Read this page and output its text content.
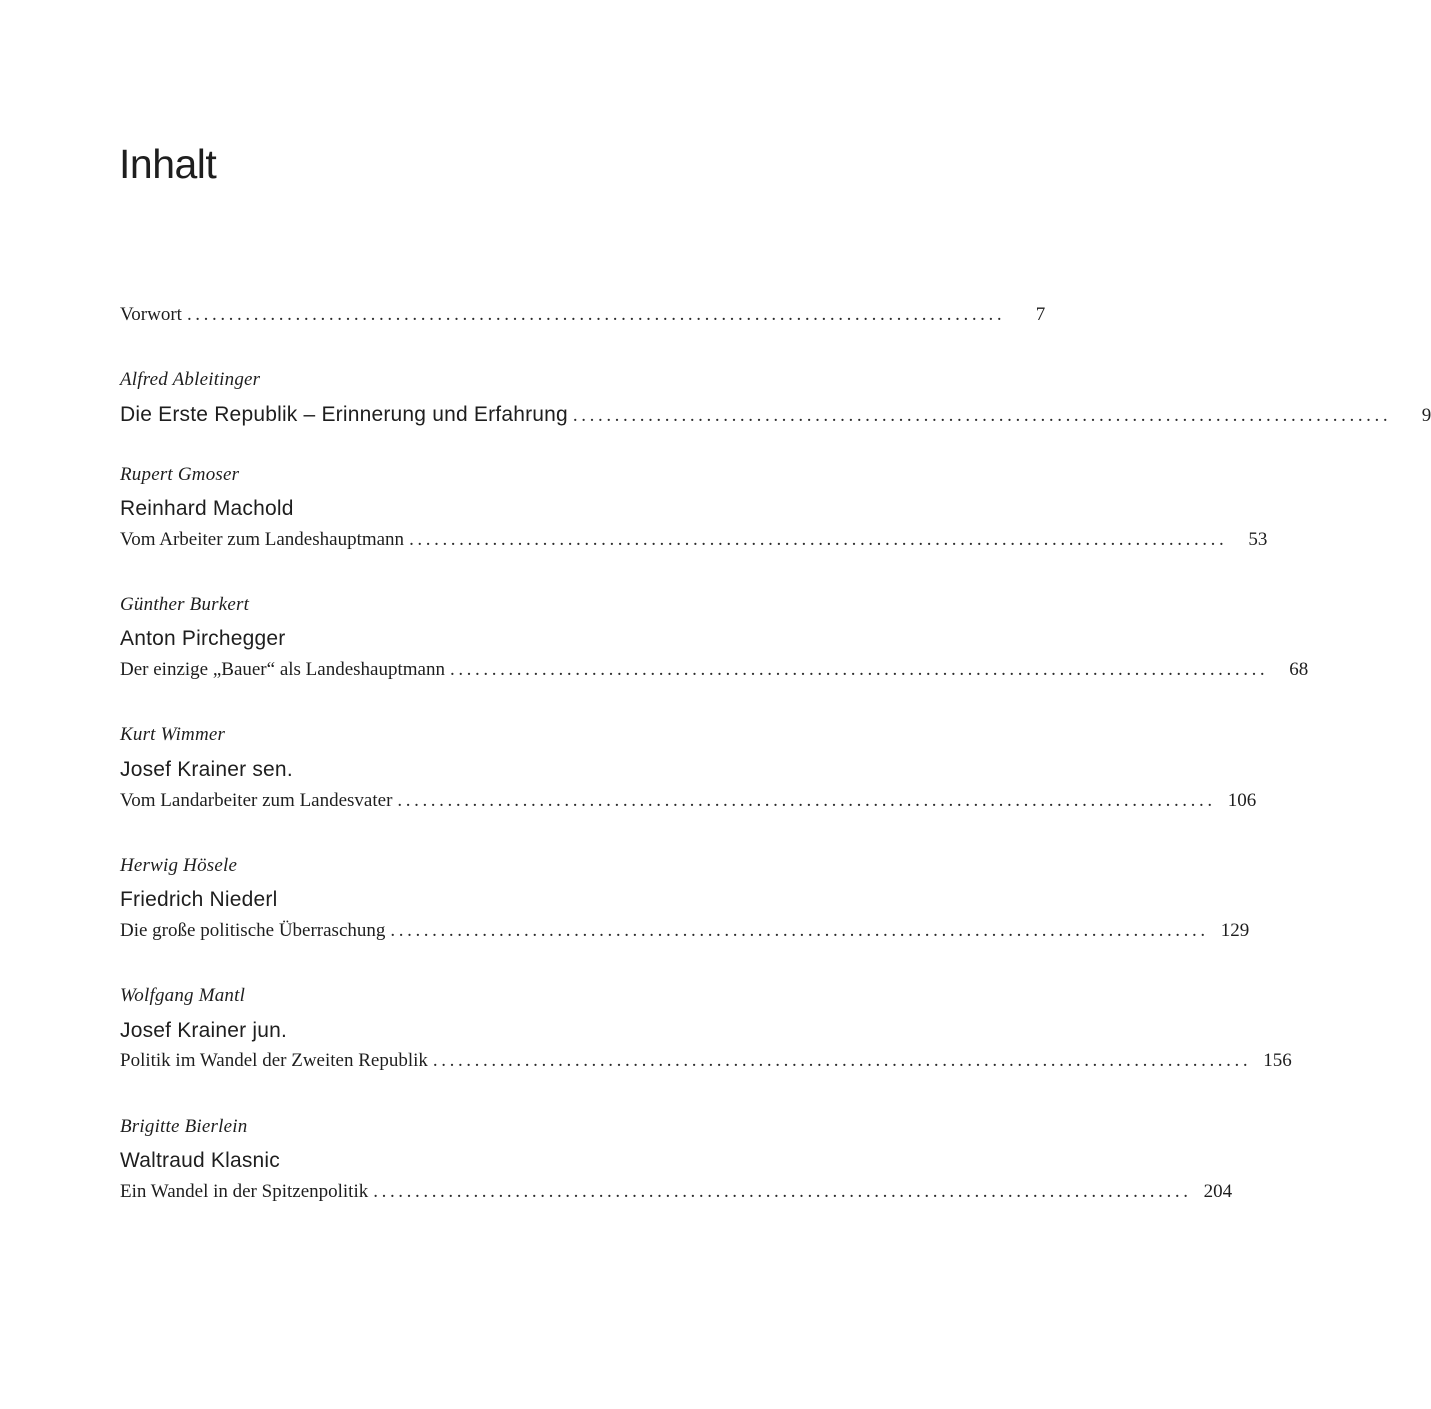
Inhalt
Vorwort ..................................................................................................	7
Alfred Ableitinger
Die Erste Republik – Erinnerung und Erfahrung ..................................................................................................	9
Rupert Gmoser
Reinhard Machold
Vom Arbeiter zum Landeshauptmann ..................................................................................................	53
Günther Burkert
Anton Pirchegger
Der einzige „Bauer“ als Landeshauptmann ..................................................................................................	68
Kurt Wimmer
Josef Krainer sen.
Vom Landarbeiter zum Landesvater .................................................................................................. 106
Herwig Hösele
Friedrich Niederl
Die große politische Überraschung .................................................................................................. 129
Wolfgang Mantl
Josef Krainer jun.
Politik im Wandel der Zweiten Republik .................................................................................................. 156
Brigitte Bierlein
Waltraud Klasnic
Ein Wandel in der Spitzenpolitik .................................................................................................. 204
